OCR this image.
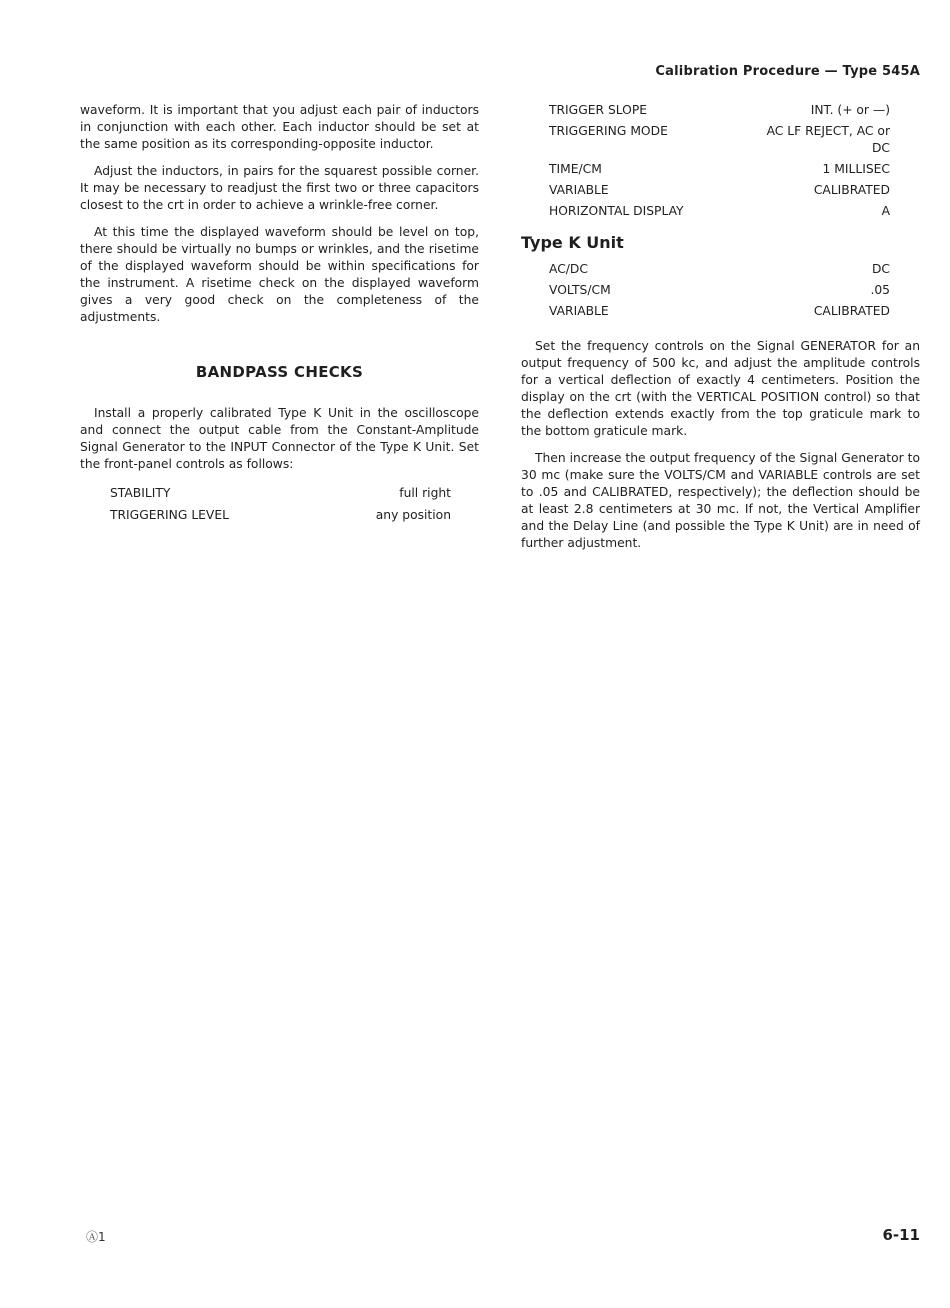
Calibration Procedure — Type 545A

waveform. It is important that you adjust each pair of inductors in conjunction with each other. Each inductor should be set at the same position as its corresponding-opposite inductor.

Adjust the inductors, in pairs for the squarest possible corner. It may be necessary to readjust the first two or three capacitors closest to the crt in order to achieve a wrinkle-free corner.

At this time the displayed waveform should be level on top, there should be virtually no bumps or wrinkles, and the risetime of the displayed waveform should be within specifications for the instrument. A risetime check on the displayed waveform gives a very good check on the completeness of the adjustments.

BANDPASS CHECKS

Install a properly calibrated Type K Unit in the oscilloscope and connect the output cable from the Constant-Amplitude Signal Generator to the INPUT Connector of the Type K Unit. Set the front-panel controls as follows:

STABILITY	full right
TRIGGERING LEVEL	any position
TRIGGER SLOPE	INT. (+ or —)
TRIGGERING MODE	AC LF REJECT, AC or DC
TIME/CM	1 MILLISEC
VARIABLE	CALIBRATED
HORIZONTAL DISPLAY	A
Type K Unit
AC/DC	DC
VOLTS/CM	.05
VARIABLE	CALIBRATED

Set the frequency controls on the Signal GENERATOR for an output frequency of 500 kc, and adjust the amplitude controls for a vertical deflection of exactly 4 centimeters. Position the display on the crt (with the VERTICAL POSITION control) so that the deflection extends exactly from the top graticule mark to the bottom graticule mark.

Then increase the output frequency of the Signal Generator to 30 mc (make sure the VOLTS/CM and VARIABLE controls are set to .05 and CALIBRATED, respectively); the deflection should be at least 2.8 centimeters at 30 mc. If not, the Vertical Amplifier and the Delay Line (and possible the Type K Unit) are in need of further adjustment.

Ⓐ1	6-11
